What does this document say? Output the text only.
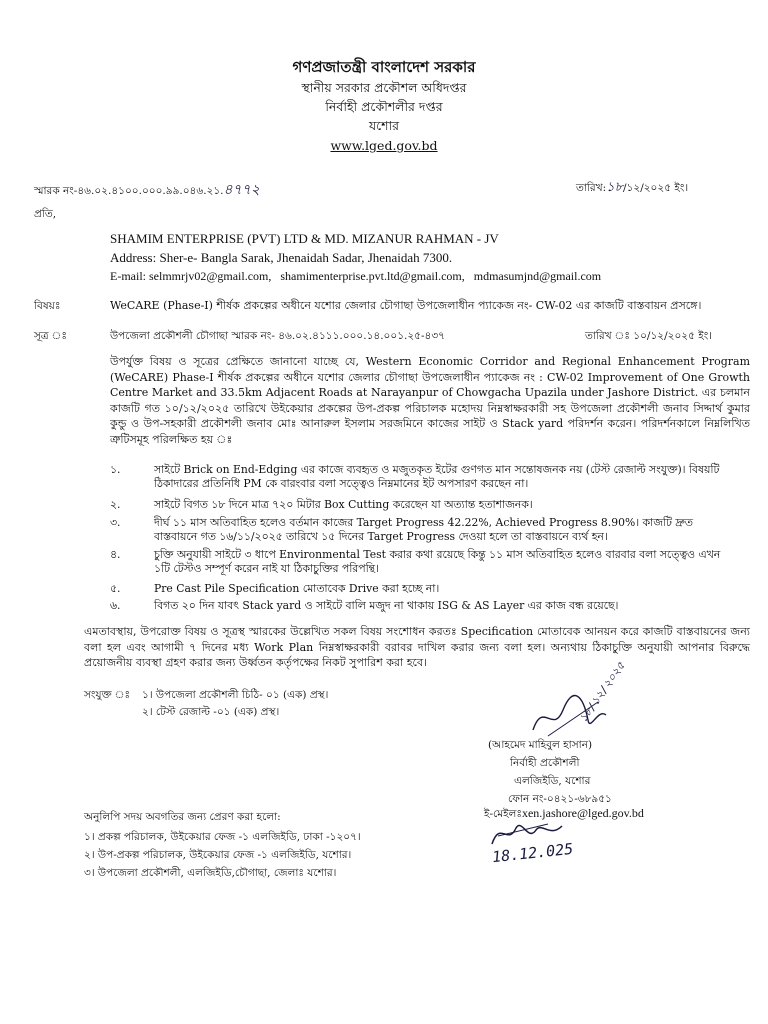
গণপ্রজাতন্ত্রী বাংলাদেশ সরকার
স্থানীয় সরকার প্রকৌশল অধিদপ্তর
নির্বাহী প্রকৌশলীর দপ্তর
যশোর
www.lged.gov.bd
স্মারক নং-৪৬.০২.৪১০০.০০০.৯৯.০৪৬.২১.৪৭৭২	তারিখ:১৮/১২/২০২৫ ইং।
প্রতি,
SHAMIM ENTERPRISE (PVT) LTD & MD. MIZANUR RAHMAN - JV
Address: Sher-e- Bangla Sarak, Jhenaidah Sadar, Jhenaidah 7300.
E-mail: selmmrjv02@gmail.com, shamimenterprise.pvt.ltd@gmail.com, mdmasumjnd@gmail.com
বিষয়ঃ	WeCARE (Phase-I) শীর্ষক প্রকল্পের অধীনে যশোর জেলার চৌগাছা উপজেলাধীন প্যাকেজ নং- CW-02 এর কাজটি বাস্তবায়ন প্রসঙ্গে।
সূত্র ঃ	উপজেলা প্রকৌশলী চৌগাছা স্মারক নং- ৪৬.০২.৪১১১.০০০.১৪.০০১.২৫-৪৩৭	তারিখ ঃ ১০/১২/২০২৫ ইং।
উপর্যুক্ত বিষয় ও সূত্রের প্রেক্ষিতে জানানো যাচ্ছে যে, Western Economic Corridor and Regional Enhancement Program (WeCARE) Phase-I শীর্ষক প্রকল্পের অধীনে যশোর জেলার চৌগাছা উপজেলাধীন প্যাকেজ নং : CW-02 Improvement of One Growth Centre Market and 33.5km Adjacent Roads at Narayanpur of Chowgacha Upazila under Jashore District. এর চলমান কাজটি গত ১০/১২/২০২৫ তারিখে উইকেয়ার প্রকল্পের উপ-প্রকল্প পরিচালক মহোদয় নিম্নস্বাক্ষরকারী সহ উপজেলা প্রকৌশলী জনাব সিদ্দার্থ কুমার কুন্ডু ও উপ-সহকারী প্রকৌশলী জনাব মোঃ আনারুল ইসলাম সরজমিনে কাজের সাইট ও Stack yard পরিদর্শন করেন। পরিদর্শনকালে নিম্নলিখিত ত্রুটিসমূহ পরিলক্ষিত হয় ঃ
১.	সাইটে Brick on End-Edging এর কাজে ব্যবহৃত ও মজুতকৃত ইটের গুণগত মান সন্তোষজনক নয় (টেস্ট রেজাল্ট সংযুক্ত)। বিষয়টি ঠিকাদারের প্রতিনিধি PM কে বারংবার বলা সত্ত্বেও নিম্নমানের ইট অপসারণ করছেন না।
২.	সাইটে বিগত ১৮ দিনে মাত্র ৭২০ মিটার Box Cutting করেছেন যা অত্যান্ত হতাশাজনক।
৩.	দীর্ঘ ১১ মাস অতিবাহিত হলেও বর্তমান কাজের Target Progress 42.22%, Achieved Progress 8.90%। কাজটি দ্রুত বাস্তবায়নে গত ১৬/১১/২০২৫ তারিখে ১৫ দিনের Target Progress দেওয়া হলে তা বাস্তবায়নে ব্যর্থ হন।
৪.	চুক্তি অনুযায়ী সাইটে ৩ ধাপে Environmental Test করার কথা রয়েছে কিন্তু ১১ মাস অতিবাহিত হলেও বারবার বলা সত্ত্বেও এখন ১টি টেস্টও সম্পূর্ণ করেন নাই যা ঠিকাচুক্তির পরিপন্থি।
৫.	Pre Cast Pile Specification মোতাবেক Drive করা হচ্ছে না।
৬.	বিগত ২০ দিন যাবৎ Stack yard ও সাইটে বালি মজুদ না থাকায় ISG & AS Layer এর কাজ বন্ধ রয়েছে।
এমতাবস্থায়, উপরোক্ত বিষয় ও সূত্রস্থ স্মারকের উল্লেখিত সকল বিষয় সংশোধন করতঃ Specification মোতাবেক আনয়ন করে কাজটি বাস্তবায়নের জন্য বলা হল এবং আগামী ৭ দিনের মধ্য Work Plan নিম্নস্বাক্ষরকারী বরাবর দাখিল করার জন্য বলা হল। অন্যথায় ঠিকাচুক্তি অনুযায়ী আপনার বিরুদ্ধে প্রয়োজনীয় ব্যবস্থা গ্রহণ করার জন্য উর্ধ্বতন কর্তৃপক্ষের নিকট সুপারিশ করা হবে।
সংযুক্ত ঃ ১। উপজেলা প্রকৌশলী চিঠি- ০১ (এক) প্রস্থ।
২। টেস্ট রেজাল্ট -০১ (এক) প্রস্থ।	১৮/১২/২০২৫
(আহমেদ মাহিবুল হাসান)
নির্বাহী প্রকৌশলী
এলজিইডি, যশোর
ফোন নং-০৪২১-৬৮৯৫১
ই-মেইলঃxen.jashore@lged.gov.bd
অনুলিপি সদয় অবগতির জন্য প্রেরণ করা হলো:
১। প্রকল্প পরিচালক, উইকেয়ার ফেজ -১ এলজিইডি, ঢাকা -১২০৭।
২। উপ-প্রকল্প পরিচালক, উইকেয়ার ফেজ -১ এলজিইডি, যশোর।
৩। উপজেলা প্রকৌশলী, এলজিইডি,চৌগাছা, জেলাঃ যশোর।
18.12.025
